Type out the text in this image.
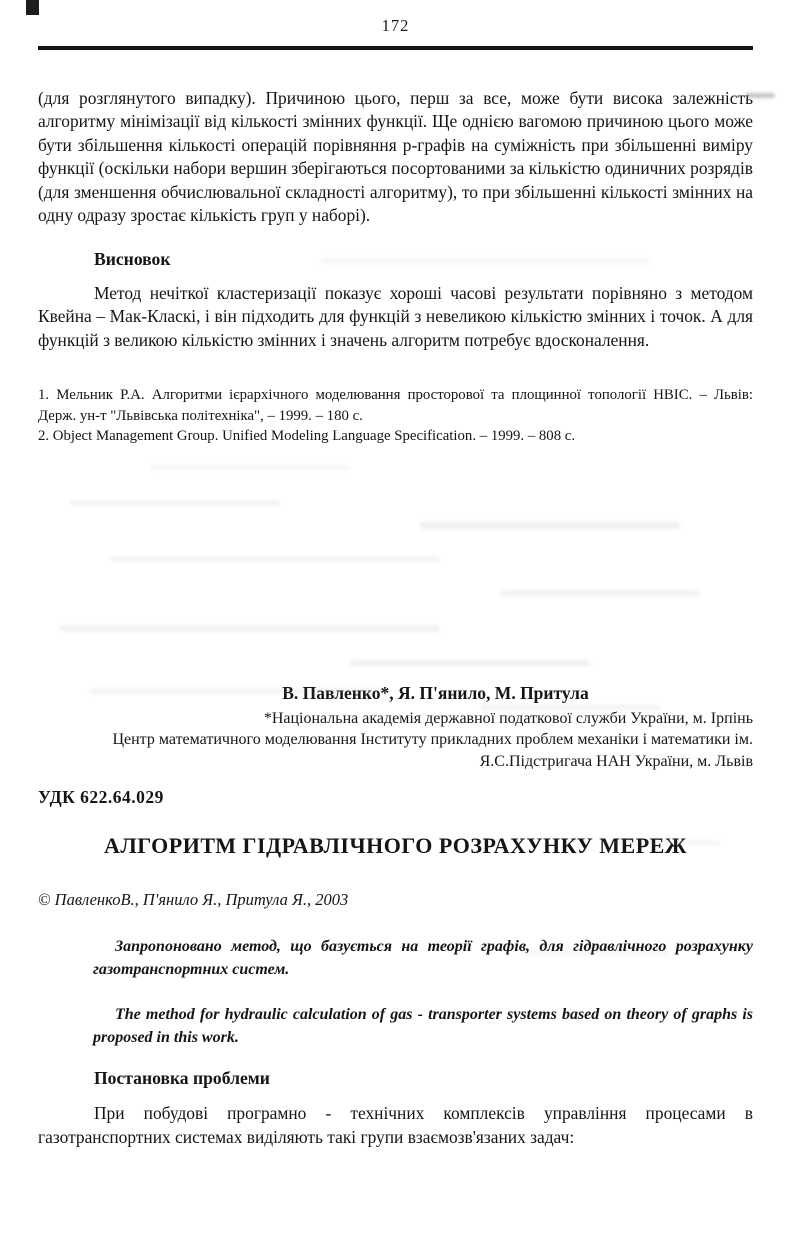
172

(для розглянутого випадку). Причиною цього, перш за все, може бути висока залежність алгоритму мінімізації від кількості змінних функції. Ще однією вагомою причиною цього може бути збільшення кількості операцій порівняння p-графів на суміжність при збільшенні виміру функції (оскільки набори вершин зберігаються посортованими за кількістю одиничних розрядів (для зменшення обчислювальної складності алгоритму), то при збільшенні кількості змінних на одну одразу зростає кількість груп у наборі).

Висновок

Метод нечіткої кластеризації показує хороші часові результати порівняно з методом Квейна – Мак-Класкі, і він підходить для функцій з невеликою кількістю змінних і точок. А для функцій з великою кількістю змінних і значень алгоритм потребує вдосконалення.

1. Мельник Р.А. Алгоритми ієрархічного моделювання просторової та площинної топології НВІС. – Львів: Держ. ун-т "Львівська політехніка", – 1999. – 180 с.

2. Object Management Group. Unified Modeling Language Specification. – 1999. – 808 с.

В. Павленко*, Я. П'янило, М. Притула

*Національна академія державної податкової служби України, м. Ірпінь

Центр математичного моделювання Інституту прикладних проблем механіки і математики ім. Я.С.Підстригача НАН України, м. Львів

УДК 622.64.029

АЛГОРИТМ ГІДРАВЛІЧНОГО РОЗРАХУНКУ МЕРЕЖ

© ПавленкоВ., П'янило Я., Притула Я., 2003

Запропоновано метод, що базується на теорії графів, для гідравлічного розрахунку газотранспортних систем.

The method for hydraulic calculation of gas - transporter systems based on theory of graphs is proposed in this work.

Постановка проблеми

При побудові програмно - технічних комплексів управління процесами в газотранспортних системах виділяють такі групи взаємозв'язаних задач:
